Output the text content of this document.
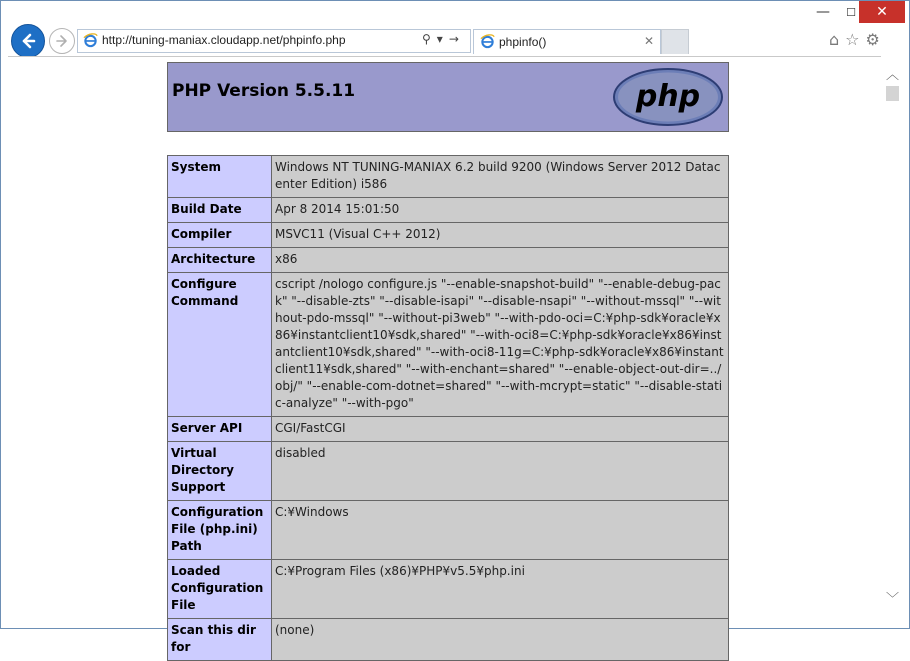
—	☐	✕
http://tuning-maniax.cloudapp.net/phpinfo.php	⚲ ▾ →	phpinfo()	✕	⌂ ☆ ⚙
PHP Version 5.5.11	php
System	Windows NT TUNING-MANIAX 6.2 build 9200 (Windows Server 2012 Datacenter Edition) i586
Build Date	Apr 8 2014 15:01:50
Compiler	MSVC11 (Visual C++ 2012)
Architecture	x86
Configure Command	cscript /nologo configure.js "--enable-snapshot-build" "--enable-debug-pack" "--disable-zts" "--disable-isapi" "--disable-nsapi" "--without-mssql" "--without-pdo-mssql" "--without-pi3web" "--with-pdo-oci=C:¥php-sdk¥oracle¥x86¥instantclient10¥sdk,shared" "--with-oci8=C:¥php-sdk¥oracle¥x86¥instantclient10¥sdk,shared" "--with-oci8-11g=C:¥php-sdk¥oracle¥x86¥instantclient11¥sdk,shared" "--with-enchant=shared" "--enable-object-out-dir=../obj/" "--enable-com-dotnet=shared" "--with-mcrypt=static" "--disable-static-analyze" "--with-pgo"
Server API	CGI/FastCGI
Virtual Directory Support	disabled
Configuration File (php.ini) Path	C:¥Windows
Loaded Configuration File	C:¥Program Files (x86)¥PHP¥v5.5¥php.ini
Scan this dir for	(none)
︿
﹀
